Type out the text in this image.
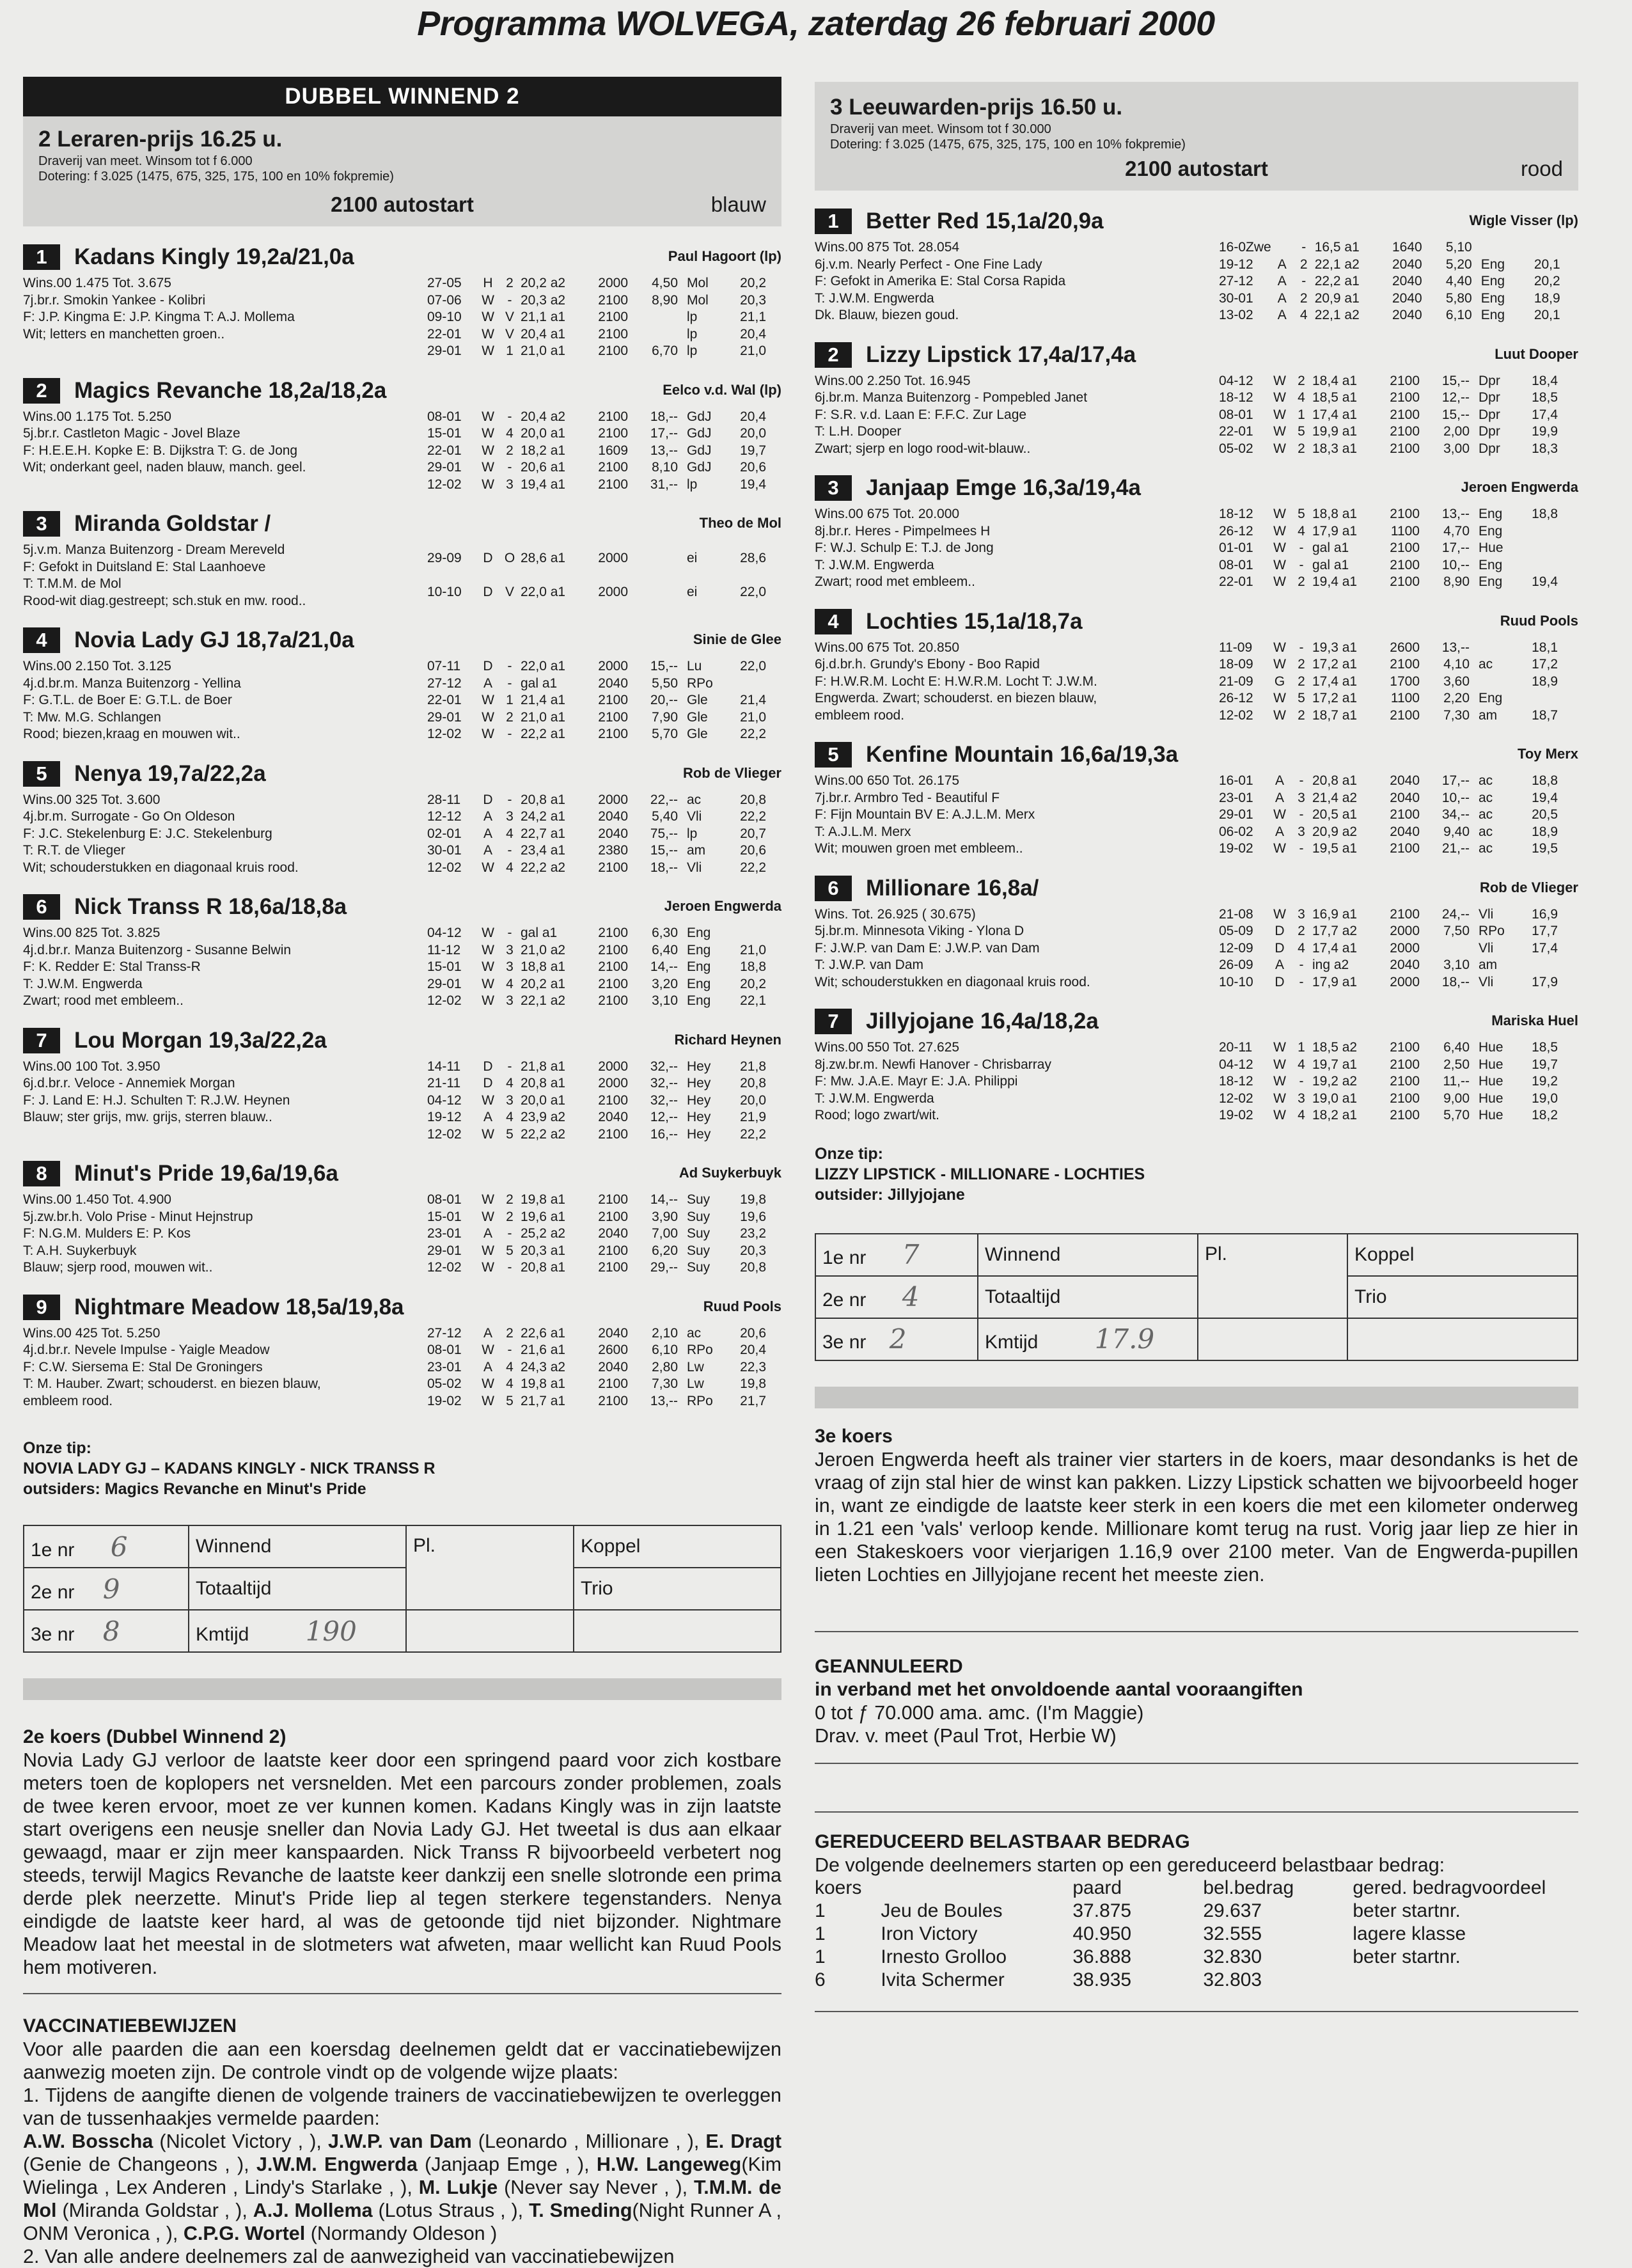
Programma WOLVEGA, zaterdag 26 februari 2000
DUBBEL WINNEND 2
2 Leraren-prijs 16.25 u.
Draverij van meet. Winsom tot f 6.000
Dotering: f 3.025 (1475, 675, 325, 175, 100 en 10% fokpremie)
2100 autostart	blauw
1	Kadans Kingly 19,2a/21,0a	Paul Hagoort (lp)
Wins.00 1.475 Tot. 3.675
7j.br.r. Smokin Yankee - Kolibri
F: J.P. Kingma E: J.P. Kingma T: A.J. Mollema
Wit; letters en manchetten groen..
27-05	H	2	20,2 a2	2000	4,50	Mol	20,2
07-06	W	-	20,3 a2	2100	8,90	Mol	20,3
09-10	W	V	21,1 a1	2100		lp	21,1
22-01	W	V	20,4 a1	2100		lp	20,4
29-01	W	1	21,0 a1	2100	6,70	lp	21,0
2	Magics Revanche 18,2a/18,2a	Eelco v.d. Wal (lp)
Wins.00 1.175 Tot. 5.250
5j.br.r. Castleton Magic - Jovel Blaze
F: H.E.E.H. Kopke E: B. Dijkstra T: G. de Jong
Wit; onderkant geel, naden blauw, manch. geel.
08-01	W	-	20,4 a2	2100	18,--	GdJ	20,4
15-01	W	4	20,0 a1	2100	17,--	GdJ	20,0
22-01	W	2	18,2 a1	1609	13,--	GdJ	19,7
29-01	W	-	20,6 a1	2100	8,10	GdJ	20,6
12-02	W	3	19,4 a1	2100	31,--	lp	19,4
3	Miranda Goldstar /	Theo de Mol
5j.v.m. Manza Buitenzorg - Dream Mereveld
F: Gefokt in Duitsland E: Stal Laanhoeve
T: T.M.M. de Mol
Rood-wit diag.gestreept; sch.stuk en mw. rood..
29-09	D	O	28,6 a1	2000		ei	28,6
10-10	D	V	22,0 a1	2000		ei	22,0
4	Novia Lady GJ 18,7a/21,0a	Sinie de Glee
Wins.00 2.150 Tot. 3.125
4j.d.br.m. Manza Buitenzorg - Yellina
F: G.T.L. de Boer E: G.T.L. de Boer
T: Mw. M.G. Schlangen
Rood; biezen,kraag en mouwen wit..
07-11	D	-	22,0 a1	2000	15,--	Lu	22,0
27-12	A	-	gal a1	2040	5,50	RPo	
22-01	W	1	21,4 a1	2100	20,--	Gle	21,4
29-01	W	2	21,0 a1	2100	7,90	Gle	21,0
12-02	W	-	22,2 a1	2100	5,70	Gle	22,2
5	Nenya 19,7a/22,2a	Rob de Vlieger
Wins.00 325 Tot. 3.600
4j.br.m. Surrogate - Go On Oldeson
F: J.C. Stekelenburg E: J.C. Stekelenburg
T: R.T. de Vlieger
Wit; schouderstukken en diagonaal kruis rood.
28-11	D	-	20,8 a1	2000	22,--	ac	20,8
12-12	A	3	24,2 a1	2040	5,40	Vli	22,2
02-01	A	4	22,7 a1	2040	75,--	lp	20,7
30-01	A	-	23,4 a1	2380	15,--	am	20,6
12-02	W	4	22,2 a2	2100	18,--	Vli	22,2
6	Nick Transs R 18,6a/18,8a	Jeroen Engwerda
Wins.00 825 Tot. 3.825
4j.d.br.r. Manza Buitenzorg - Susanne Belwin
F: K. Redder E: Stal Transs-R
T: J.W.M. Engwerda
Zwart; rood met embleem..
04-12	W	-	gal a1	2100	6,30	Eng	
11-12	W	3	21,0 a2	2100	6,40	Eng	21,0
15-01	W	3	18,8 a1	2100	14,--	Eng	18,8
29-01	W	4	20,2 a1	2100	3,20	Eng	20,2
12-02	W	3	22,1 a2	2100	3,10	Eng	22,1
7	Lou Morgan 19,3a/22,2a	Richard Heynen
Wins.00 100 Tot. 3.950
6j.d.br.r. Veloce - Annemiek Morgan
F: J. Land E: H.J. Schulten T: R.J.W. Heynen
Blauw; ster grijs, mw. grijs, sterren blauw..
14-11	D	-	21,8 a1	2000	32,--	Hey	21,8
21-11	D	4	20,8 a1	2000	32,--	Hey	20,8
04-12	W	3	20,0 a1	2100	32,--	Hey	20,0
19-12	A	4	23,9 a2	2040	12,--	Hey	21,9
12-02	W	5	22,2 a2	2100	16,--	Hey	22,2
8	Minut's Pride 19,6a/19,6a	Ad Suykerbuyk
Wins.00 1.450 Tot. 4.900
5j.zw.br.h. Volo Prise - Minut Hejnstrup
F: N.G.M. Mulders E: P. Kos
T: A.H. Suykerbuyk
Blauw; sjerp rood, mouwen wit..
08-01	W	2	19,8 a1	2100	14,--	Suy	19,8
15-01	W	2	19,6 a1	2100	3,90	Suy	19,6
23-01	A	-	25,2 a2	2040	7,00	Suy	23,2
29-01	W	5	20,3 a1	2100	6,20	Suy	20,3
12-02	W	-	20,8 a1	2100	29,--	Suy	20,8
9	Nightmare Meadow 18,5a/19,8a	Ruud Pools
Wins.00 425 Tot. 5.250
4j.d.br.r. Nevele Impulse - Yaigle Meadow
F: C.W. Siersema E: Stal De Groningers
T: M. Hauber. Zwart; schouderst. en biezen blauw,
embleem rood.
27-12	A	2	22,6 a1	2040	2,10	ac	20,6
08-01	W	-	21,6 a1	2600	6,10	RPo	20,4
23-01	A	4	24,3 a2	2040	2,80	Lw	22,3
05-02	W	4	19,8 a1	2100	7,30	Lw	19,8
19-02	W	5	21,7 a1	2100	13,--	RPo	21,7
Onze tip:
NOVIA LADY GJ – KADANS KINGLY - NICK TRANSS R
outsiders: Magics Revanche en Minut's Pride
1e nr 6	Winnend	Pl.	Koppel
2e nr 9	Totaaltijd		Trio
3e nr 8	Kmtijd 190		
2e koers (Dubbel Winnend 2)
Novia Lady GJ verloor de laatste keer door een springend paard voor zich kostbare meters toen de koplopers net versnelden. Met een parcours zonder problemen, zoals de twee keren ervoor, moet ze ver kunnen komen. Kadans Kingly was in zijn laatste start overigens een neusje sneller dan Novia Lady GJ. Het tweetal is dus aan elkaar gewaagd, maar er zijn meer kanspaarden. Nick Transs R bijvoorbeeld verbetert nog steeds, terwijl Magics Revanche de laatste keer dankzij een snelle slotronde een prima derde plek neerzette. Minut's Pride liep al tegen sterkere tegenstanders. Nenya eindigde de laatste keer hard, al was de getoonde tijd niet bijzonder. Nightmare Meadow laat het meestal in de slotmeters wat afweten, maar wellicht kan Ruud Pools hem motiveren.
VACCINATIEBEWIJZEN
Voor alle paarden die aan een koersdag deelnemen geldt dat er vaccinatiebewijzen aanwezig moeten zijn. De controle vindt op de volgende wijze plaats:
1. Tijdens de aangifte dienen de volgende trainers de vaccinatiebewijzen te overleggen van de tussenhaakjes vermelde paarden:
A.W. Bosscha (Nicolet Victory , ), J.W.P. van Dam (Leonardo , Millionare , ), E. Dragt (Genie de Changeons , ), J.W.M. Engwerda (Janjaap Emge , ), H.W. Langeweg(Kim Wielinga , Lex Anderen , Lindy's Starlake , ), M. Lukje (Never say Never , ), T.M.M. de Mol (Miranda Goldstar , ), A.J. Mollema (Lotus Straus , ), T. Smeding(Night Runner A , ONM Veronica , ), C.P.G. Wortel (Normandy Oldeson )
2. Van alle andere deelnemers zal de aanwezigheid van vaccinatiebewijzen
3 Leeuwarden-prijs 16.50 u.
Draverij van meet. Winsom tot f 30.000
Dotering: f 3.025 (1475, 675, 325, 175, 100 en 10% fokpremie)
2100 autostart	rood
1	Better Red 15,1a/20,9a	Wigle Visser (lp)
Wins.00 875 Tot. 28.054
6j.v.m. Nearly Perfect - One Fine Lady
F: Gefokt in Amerika E: Stal Corsa Rapida
T: J.W.M. Engwerda
Dk. Blauw, biezen goud.
16-0Zwe		-	16,5 a1	1640	5,10		
19-12	A	2	22,1 a2	2040	5,20	Eng	20,1
27-12	A	-	22,2 a1	2040	4,40	Eng	20,2
30-01	A	2	20,9 a1	2040	5,80	Eng	18,9
13-02	A	4	22,1 a2	2040	6,10	Eng	20,1
2	Lizzy Lipstick 17,4a/17,4a	Luut Dooper
Wins.00 2.250 Tot. 16.945
6j.br.m. Manza Buitenzorg - Pompebled Janet
F: S.R. v.d. Laan E: F.F.C. Zur Lage
T: L.H. Dooper
Zwart; sjerp en logo rood-wit-blauw..
04-12	W	2	18,4 a1	2100	15,--	Dpr	18,4
18-12	W	4	18,5 a1	2100	12,--	Dpr	18,5
08-01	W	1	17,4 a1	2100	15,--	Dpr	17,4
22-01	W	5	19,9 a1	2100	2,00	Dpr	19,9
05-02	W	2	18,3 a1	2100	3,00	Dpr	18,3
3	Janjaap Emge 16,3a/19,4a	Jeroen Engwerda
Wins.00 675 Tot. 20.000
8j.br.r. Heres - Pimpelmees H
F: W.J. Schulp E: T.J. de Jong
T: J.W.M. Engwerda
Zwart; rood met embleem..
18-12	W	5	18,8 a1	2100	13,--	Eng	18,8
26-12	W	4	17,9 a1	1100	4,70	Eng	
01-01	W	-	gal a1	2100	17,--	Hue	
08-01	W	-	gal a1	2100	10,--	Eng	
22-01	W	2	19,4 a1	2100	8,90	Eng	19,4
4	Lochties 15,1a/18,7a	Ruud Pools
Wins.00 675 Tot. 20.850
6j.d.br.h. Grundy's Ebony - Boo Rapid
F: H.W.R.M. Locht E: H.W.R.M. Locht T: J.W.M.
Engwerda. Zwart; schouderst. en biezen blauw,
embleem rood.
11-09	W	-	19,3 a1	2600	13,--		18,1
18-09	W	2	17,2 a1	2100	4,10	ac	17,2
21-09	G	2	17,4 a1	1700	3,60		18,9
26-12	W	5	17,2 a1	1100	2,20	Eng	
12-02	W	2	18,7 a1	2100	7,30	am	18,7
5	Kenfine Mountain 16,6a/19,3a	Toy Merx
Wins.00 650 Tot. 26.175
7j.br.r. Armbro Ted - Beautiful F
F: Fijn Mountain BV E: A.J.L.M. Merx
T: A.J.L.M. Merx
Wit; mouwen groen met embleem..
16-01	A	-	20,8 a1	2040	17,--	ac	18,8
23-01	A	3	21,4 a2	2040	10,--	ac	19,4
29-01	W	-	20,5 a1	2100	34,--	ac	20,5
06-02	A	3	20,9 a2	2040	9,40	ac	18,9
19-02	W	-	19,5 a1	2100	21,--	ac	19,5
6	Millionare 16,8a/	Rob de Vlieger
Wins. Tot. 26.925 ( 30.675)
5j.br.m. Minnesota Viking - Ylona D
F: J.W.P. van Dam E: J.W.P. van Dam
T: J.W.P. van Dam
Wit; schouderstukken en diagonaal kruis rood.
21-08	W	3	16,9 a1	2100	24,--	Vli	16,9
05-09	D	2	17,7 a2	2000	7,50	RPo	17,7
12-09	D	4	17,4 a1	2000		Vli	17,4
26-09	A	-	ing a2	2040	3,10	am	
10-10	D	-	17,9 a1	2000	18,--	Vli	17,9
7	Jillyjojane 16,4a/18,2a	Mariska Huel
Wins.00 550 Tot. 27.625
8j.zw.br.m. Newfi Hanover - Chrisbarray
F: Mw. J.A.E. Mayr E: J.A. Philippi
T: J.W.M. Engwerda
Rood; logo zwart/wit.
20-11	W	1	18,5 a2	2100	6,40	Hue	18,5
04-12	W	4	19,7 a1	2100	2,50	Hue	19,7
18-12	W	-	19,2 a2	2100	11,--	Hue	19,2
12-02	W	3	19,0 a1	2100	9,00	Hue	19,0
19-02	W	4	18,2 a1	2100	5,70	Hue	18,2
Onze tip:
LIZZY LIPSTICK - MILLIONARE - LOCHTIES
outsider: Jillyjojane
1e nr 7	Winnend	Pl.	Koppel
2e nr 4	Totaaltijd		Trio
3e nr 2	Kmtijd 17.9		
3e koers
Jeroen Engwerda heeft als trainer vier starters in de koers, maar desondanks is het de vraag of zijn stal hier de winst kan pakken. Lizzy Lipstick schatten we bijvoorbeeld hoger in, want ze eindigde de laatste keer sterk in een koers die met een kilometer onderweg in 1.21 een 'vals' verloop kende. Millionare komt terug na rust. Vorig jaar liep ze hier in een Stakeskoers voor vierjarigen 1.16,9 over 2100 meter. Van de Engwerda-pupillen lieten Lochties en Jillyjojane recent het meeste zien.
GEANNULEERD
in verband met het onvoldoende aantal vooraangiften
0 tot ƒ 70.000 ama. amc. (I'm Maggie)
Drav. v. meet (Paul Trot, Herbie W)
GEREDUCEERD BELASTBAAR BEDRAG
De volgende deelnemers starten op een gereduceerd belastbaar bedrag:
koers		paard	bel.bedrag	gered. bedragvoordeel
1	Jeu de Boules	37.875	29.637	beter startnr.
1	Iron Victory	40.950	32.555	lagere klasse
1	Irnesto Grolloo	36.888	32.830	beter startnr.
6	Ivita Schermer	38.935	32.803	
